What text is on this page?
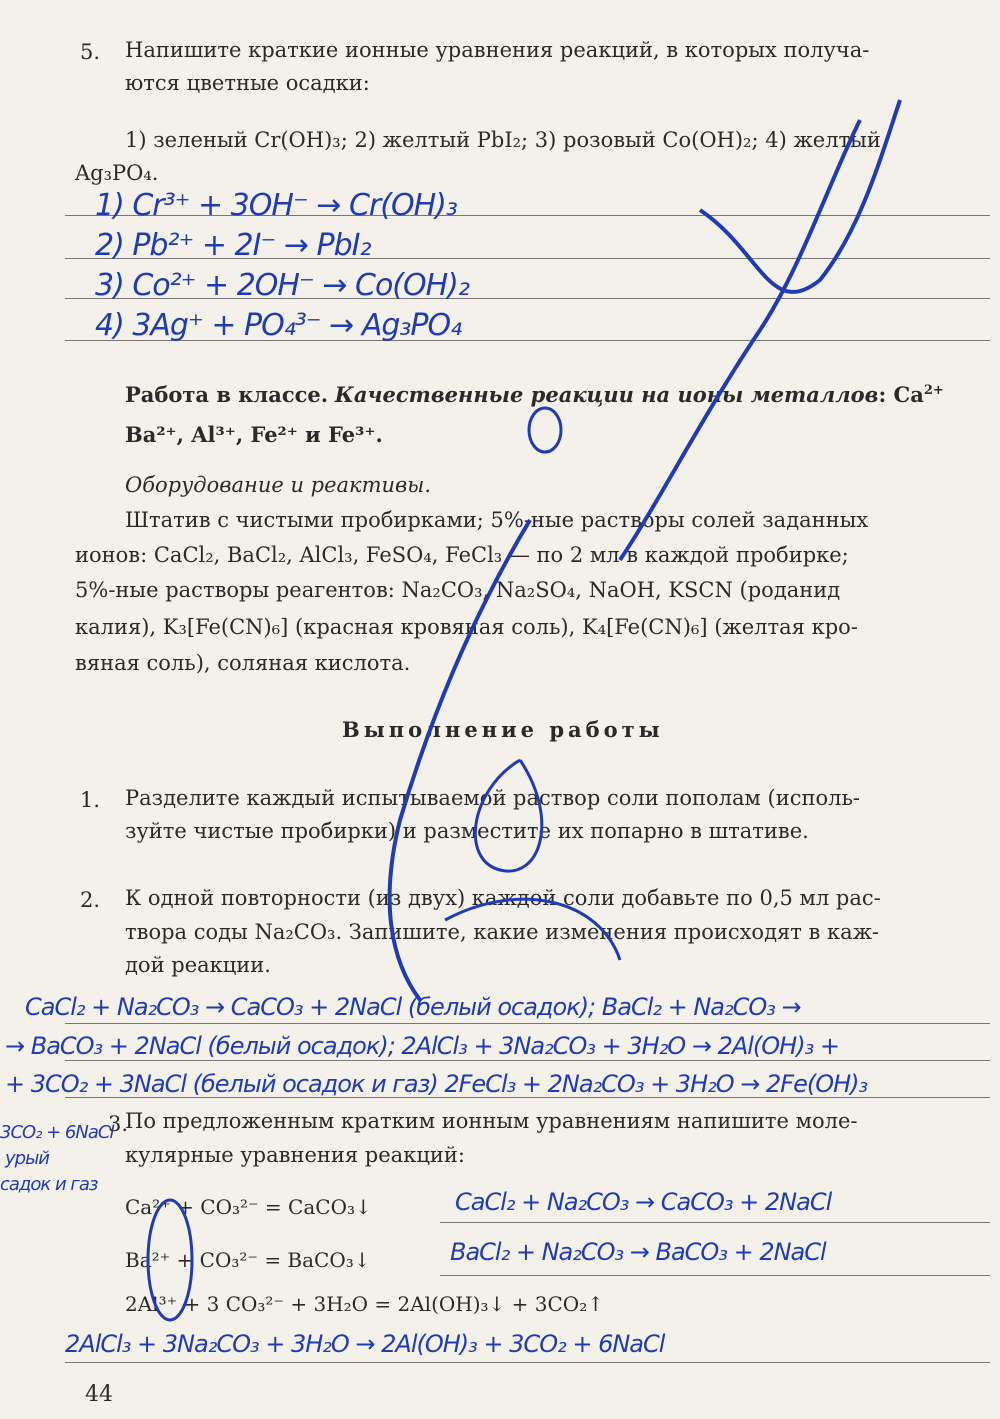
5. Напишите краткие ионные уравнения реакций, в которых получа-
ются цветные осадки:
1) зеленый Cr(OH)₃; 2) желтый PbI₂; 3) розовый Co(OH)₂; 4) желтый
Ag₃PO₄.
1) Cr³⁺ + 3OH⁻ → Cr(OH)₃
2) Pb²⁺ + 2I⁻ → PbI₂
3) Co²⁺ + 2OH⁻ → Co(OH)₂
4) 3Ag⁺ + PO₄³⁻ → Ag₃PO₄
Работа в классе. Качественные реакции на ионы металлов: $Ca^{2+}$
Ba²⁺, Al³⁺, Fe²⁺ и Fe³⁺.
Оборудование и реактивы.
Штатив с чистыми пробирками; 5%-ные растворы солей заданных
ионов: CaCl₂, BaCl₂, AlCl₃, FeSO₄, FeCl₃ — по 2 мл в каждой пробирке;
5%-ные растворы реагентов: Na₂CO₃, Na₂SO₄, NaOH, KSCN (роданид
калия), K₃[Fe(CN)₆] (красная кровяная соль), K₄[Fe(CN)₆] (желтая кро-
вяная соль), соляная кислота.
Выполнение работы
1. Разделите каждый испытываемой раствор соли пополам (исполь-
зуйте чистые пробирки) и разместите их попарно в штативе.
2. К одной повторности (из двух) каждой соли добавьте по 0,5 мл рас-
твора соды Na₂CO₃. Запишите, какие изменения происходят в каж-
дой реакции.
CaCl₂ + Na₂CO₃ → CaCO₃ + 2NaCl (белый осадок); BaCl₂ + Na₂CO₃ →
→ BaCO₃ + 2NaCl (белый осадок); 2AlCl₃ + 3Na₂CO₃ + 3H₂O → 2Al(OH)₃ +
+ 3CO₂ + 3NaCl (белый осадок и газ) 2FeCl₃ + 2Na₂CO₃ + 3H₂O → 2Fe(OH)₃
3CO₂ + 6NaCl
урый
садок и газ
3.
По предложенным кратким ионным уравнениям напишите моле-
кулярные уравнения реакций:
Ca²⁺ + CO₃²⁻ = CaCO₃↓	CaCl₂ + Na₂CO₃ → CaCO₃ + 2NaCl
Ba²⁺ + CO₃²⁻ = BaCO₃↓	BaCl₂ + Na₂CO₃ → BaCO₃ + 2NaCl
2Al³⁺ + 3 CO₃²⁻ + 3H₂O = 2Al(OH)₃↓ + 3CO₂↑
2AlCl₃ + 3Na₂CO₃ + 3H₂O → 2Al(OH)₃ + 3CO₂ + 6NaCl
44
